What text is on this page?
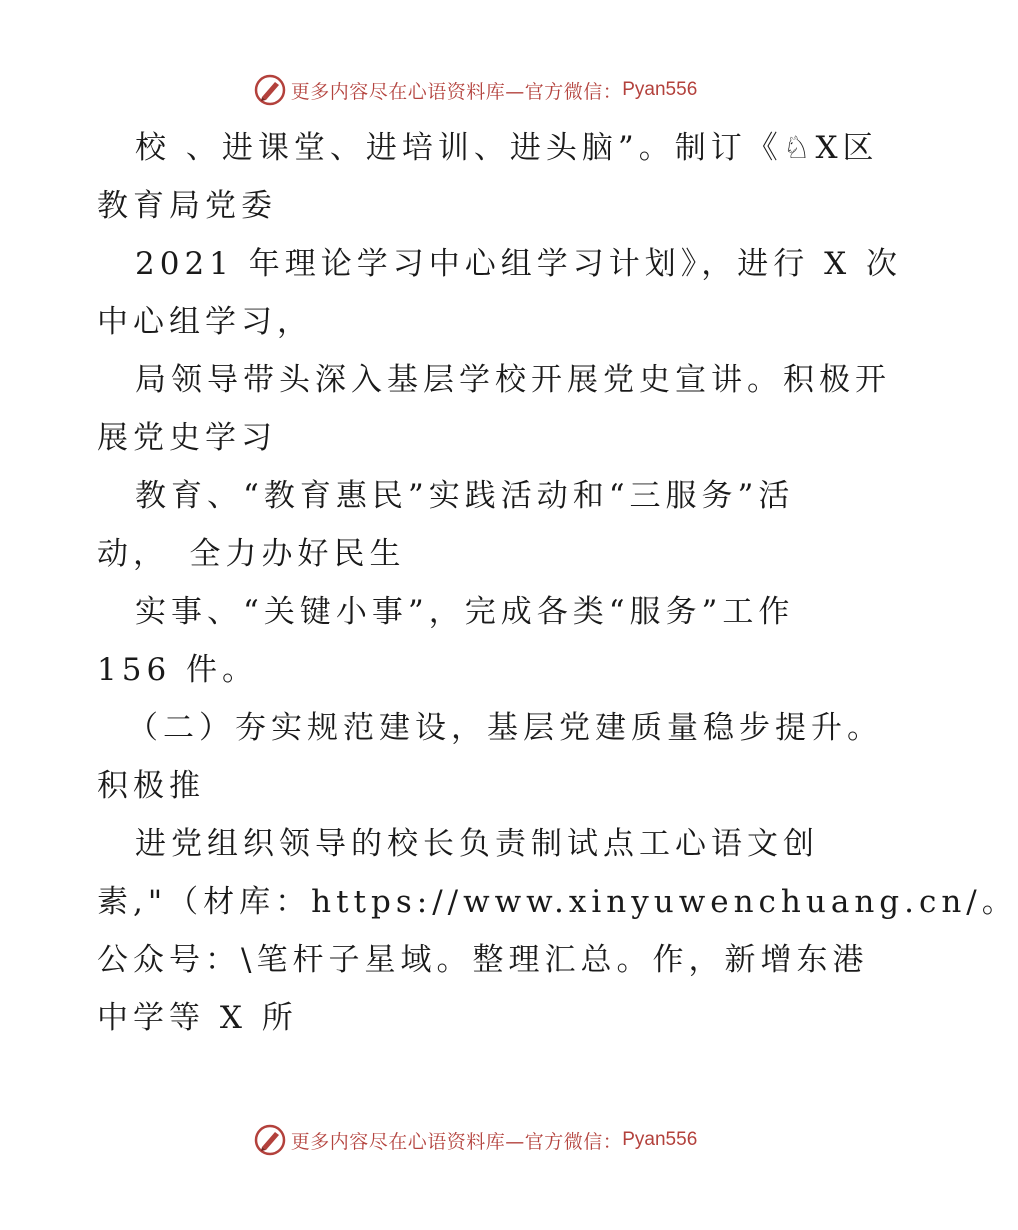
更多内容尽在心语资料库—官方微信： Pyan556
校 、进课堂、进培训、进头脑”。制订《♘X区
教育局党委
2021 年理论学习中心组学习计划》，进行 X 次
中心组学习，
局领导带头深入基层学校开展党史宣讲。积极开
展党史学习
教育、“教育惠民”实践活动和“三服务”活
动，　全力办好民生
实事、“关键小事”，完成各类“服务”工作
156 件。
（二）夯实规范建设，基层党建质量稳步提升。
积极推
进党组织领导的校长负责制试点工心语文创
素,"（材库：https://www.xinyuwenchuang.cn/。
公众号：\笔杆子星域。整理汇总。作，新增东港
中学等 X 所
更多内容尽在心语资料库—官方微信： Pyan556
